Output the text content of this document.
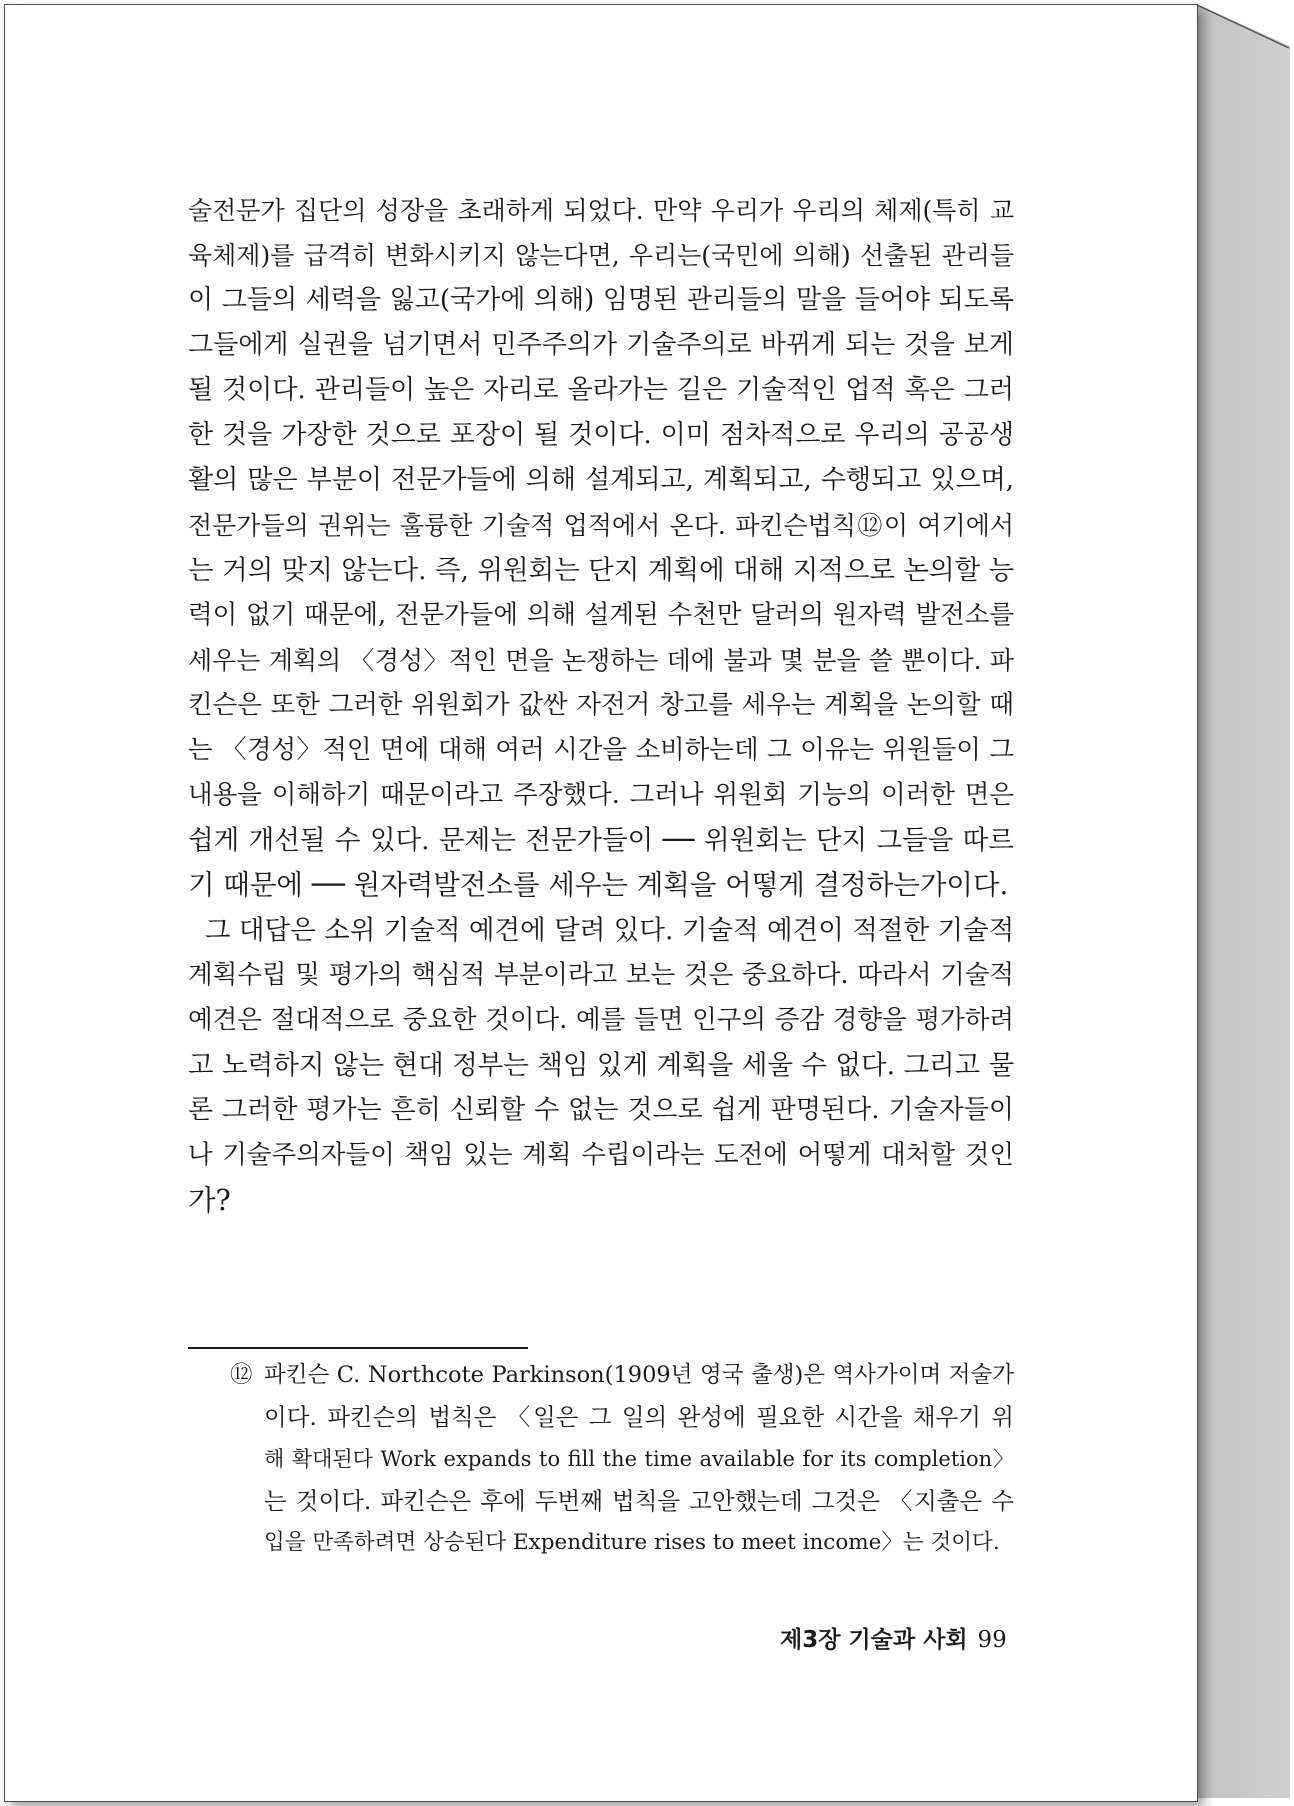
술전문가 집단의 성장을 초래하게 되었다. 만약 우리가 우리의 체제(특히 교
육체제)를 급격히 변화시키지 않는다면, 우리는(국민에 의해) 선출된 관리들
이 그들의 세력을 잃고(국가에 의해) 임명된 관리들의 말을 들어야 되도록
그들에게 실권을 넘기면서 민주주의가 기술주의로 바뀌게 되는 것을 보게
될 것이다. 관리들이 높은 자리로 올라가는 길은 기술적인 업적 혹은 그러
한 것을 가장한 것으로 포장이 될 것이다. 이미 점차적으로 우리의 공공생
활의 많은 부분이 전문가들에 의해 설계되고, 계획되고, 수행되고 있으며,
전문가들의 권위는 훌륭한 기술적 업적에서 온다. 파킨슨법칙⑫이 여기에서
는 거의 맞지 않는다. 즉, 위원회는 단지 계획에 대해 지적으로 논의할 능
력이 없기 때문에, 전문가들에 의해 설계된 수천만 달러의 원자력 발전소를
세우는 계획의 〈경성〉적인 면을 논쟁하는 데에 불과 몇 분을 쓸 뿐이다. 파
킨슨은 또한 그러한 위원회가 값싼 자전거 창고를 세우는 계획을 논의할 때
는 〈경성〉적인 면에 대해 여러 시간을 소비하는데 그 이유는 위원들이 그
내용을 이해하기 때문이라고 주장했다. 그러나 위원회 기능의 이러한 면은
쉽게 개선될 수 있다. 문제는 전문가들이 ── 위원회는 단지 그들을 따르
기 때문에 ── 원자력발전소를 세우는 계획을 어떻게 결정하는가이다.
그 대답은 소위 기술적 예견에 달려 있다. 기술적 예견이 적절한 기술적
계획수립 및 평가의 핵심적 부분이라고 보는 것은 중요하다. 따라서 기술적
예견은 절대적으로 중요한 것이다. 예를 들면 인구의 증감 경향을 평가하려
고 노력하지 않는 현대 정부는 책임 있게 계획을 세울 수 없다. 그리고 물
론 그러한 평가는 흔히 신뢰할 수 없는 것으로 쉽게 판명된다. 기술자들이
나 기술주의자들이 책임 있는 계획 수립이라는 도전에 어떻게 대처할 것인
가?
⑫ 파킨슨 C. Northcote Parkinson(1909년 영국 출생)은 역사가이며 저술가
이다. 파킨슨의 법칙은 〈일은 그 일의 완성에 필요한 시간을 채우기 위
해 확대된다 Work expands to fill the time available for its completion〉
는 것이다. 파킨슨은 후에 두번째 법칙을 고안했는데 그것은 〈지출은 수
입을 만족하려면 상승된다 Expenditure rises to meet income〉는 것이다.
제3장 기술과 사회 99
